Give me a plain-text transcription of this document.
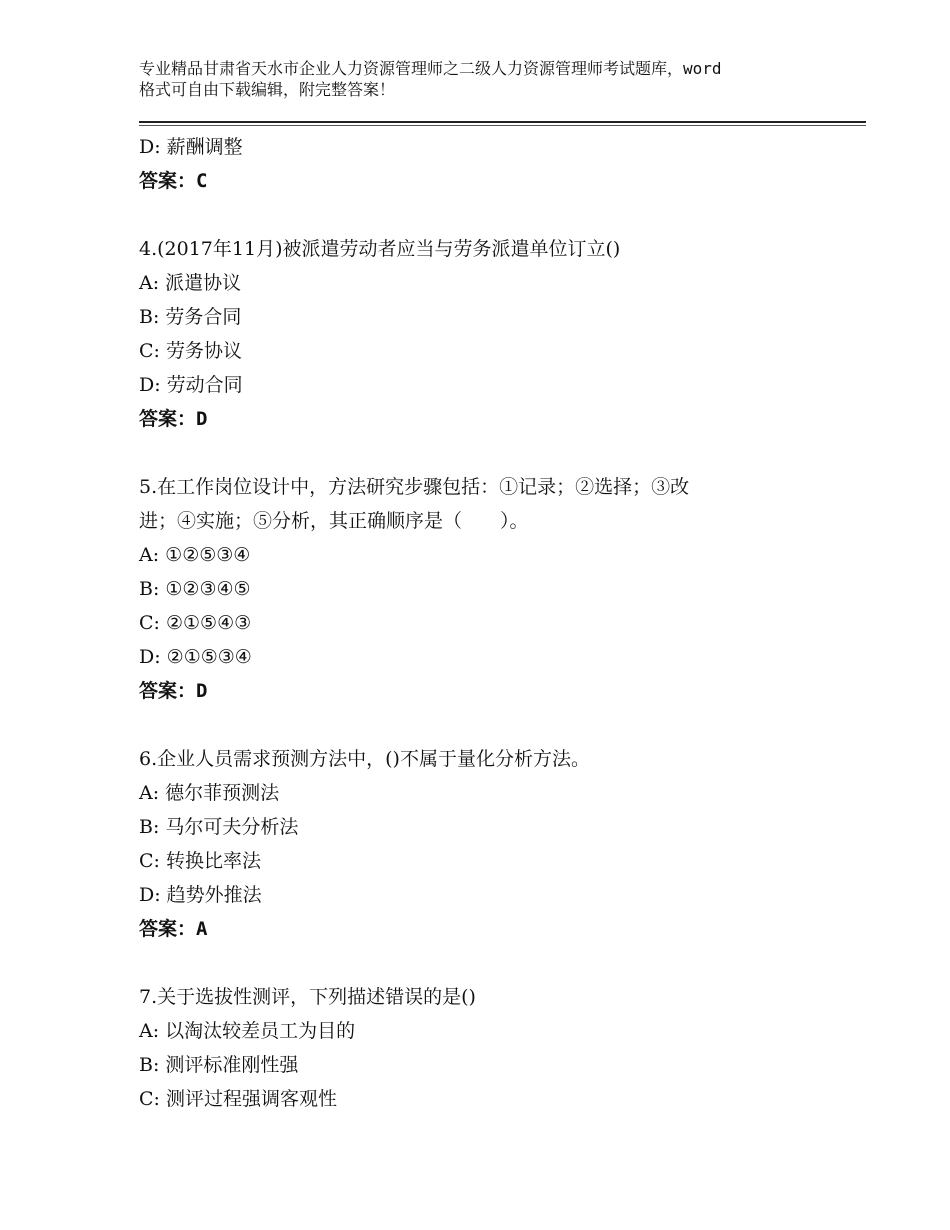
专业精品甘肃省天水市企业人力资源管理师之二级人力资源管理师考试题库，word
格式可自由下载编辑，附完整答案！
D: 薪酬调整
答案：C
4.(2017年11月)被派遣劳动者应当与劳务派遣单位订立()
A: 派遣协议
B: 劳务合同
C: 劳务协议
D: 劳动合同
答案：D
5.在工作岗位设计中，方法研究步骤包括：①记录；②选择；③改
进；④实施；⑤分析，其正确顺序是（　　）。
A: ①②⑤③④
B: ①②③④⑤
C: ②①⑤④③
D: ②①⑤③④
答案：D
6.企业人员需求预测方法中，()不属于量化分析方法。
A: 德尔菲预测法
B: 马尔可夫分析法
C: 转换比率法
D: 趋势外推法
答案：A
7.关于选拔性测评，下列描述错误的是()
A: 以淘汰较差员工为目的
B: 测评标准刚性强
C: 测评过程强调客观性
